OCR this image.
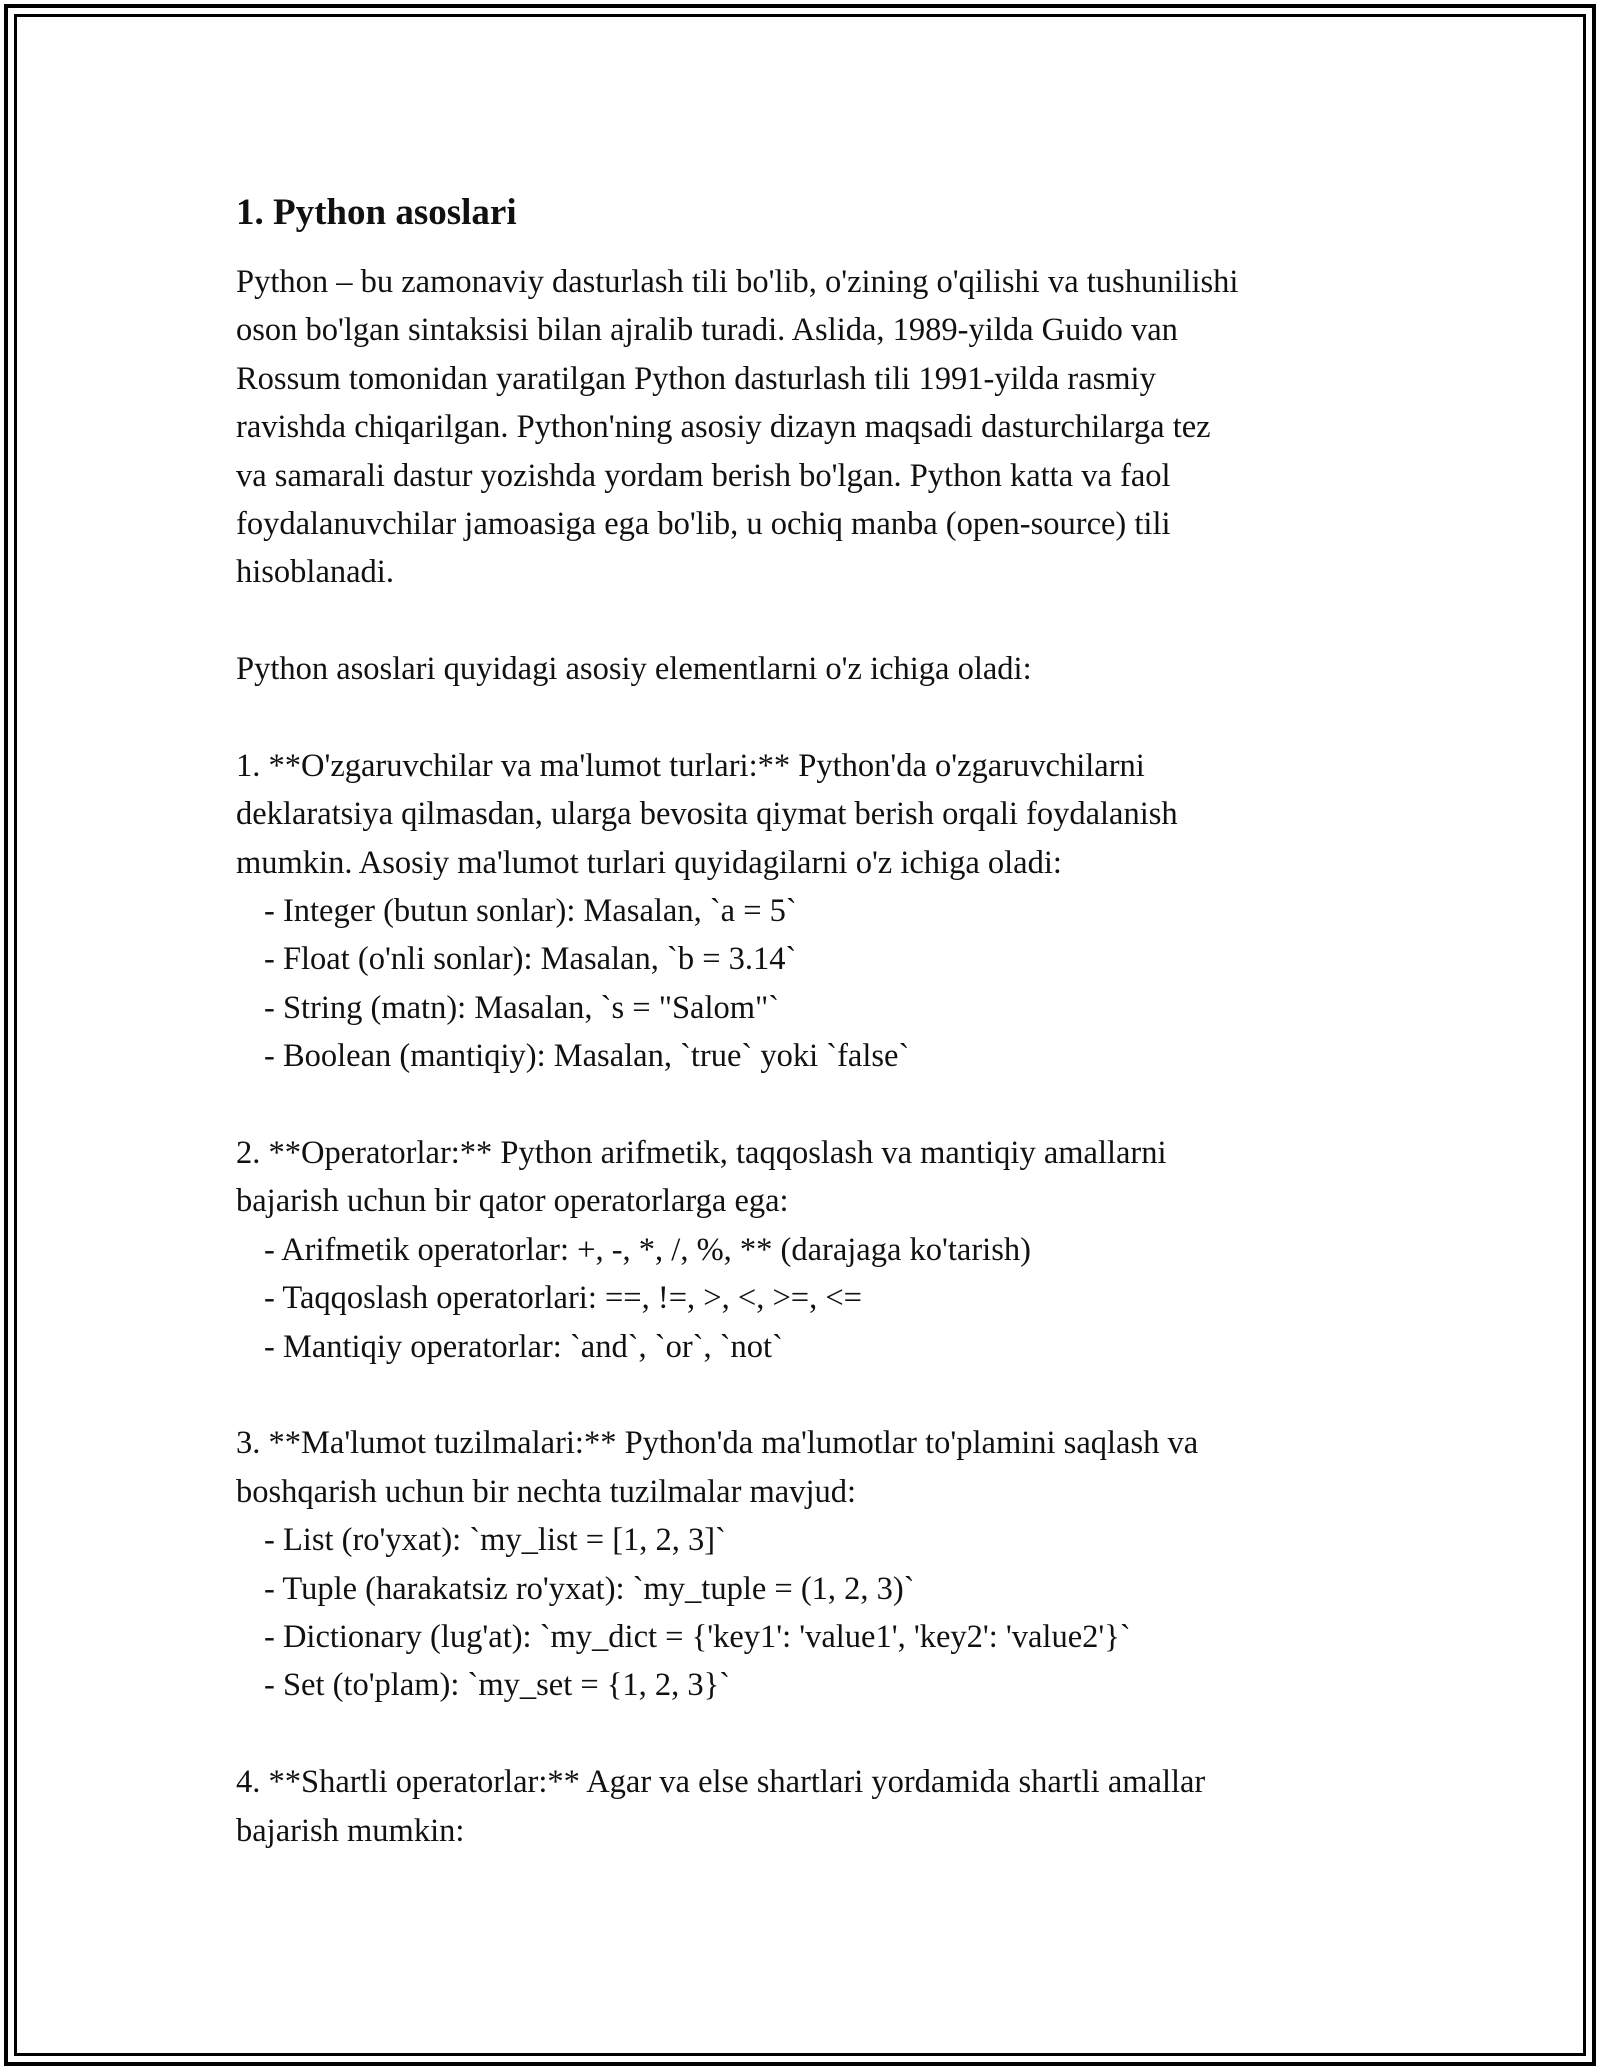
1. Python asoslari
Python – bu zamonaviy dasturlash tili bo'lib, o'zining o'qilishi va tushunilishi
oson bo'lgan sintaksisi bilan ajralib turadi. Aslida, 1989-yilda Guido van
Rossum tomonidan yaratilgan Python dasturlash tili 1991-yilda rasmiy
ravishda chiqarilgan. Python'ning asosiy dizayn maqsadi dasturchilarga tez
va samarali dastur yozishda yordam berish bo'lgan. Python katta va faol
foydalanuvchilar jamoasiga ega bo'lib, u ochiq manba (open-source) tili
hisoblanadi.
Python asoslari quyidagi asosiy elementlarni o'z ichiga oladi:
1. **O'zgaruvchilar va ma'lumot turlari:** Python'da o'zgaruvchilarni
deklaratsiya qilmasdan, ularga bevosita qiymat berish orqali foydalanish
mumkin. Asosiy ma'lumot turlari quyidagilarni o'z ichiga oladi:
- Integer (butun sonlar): Masalan, `a = 5`
- Float (o'nli sonlar): Masalan, `b = 3.14`
- String (matn): Masalan, `s = "Salom"`
- Boolean (mantiqiy): Masalan, `true` yoki `false`
2. **Operatorlar:** Python arifmetik, taqqoslash va mantiqiy amallarni
bajarish uchun bir qator operatorlarga ega:
- Arifmetik operatorlar: +, -, *, /, %, ** (darajaga ko'tarish)
- Taqqoslash operatorlari: ==, !=, >, <, >=, <=
- Mantiqiy operatorlar: `and`, `or`, `not`
3. **Ma'lumot tuzilmalari:** Python'da ma'lumotlar to'plamini saqlash va
boshqarish uchun bir nechta tuzilmalar mavjud:
- List (ro'yxat): `my_list = [1, 2, 3]`
- Tuple (harakatsiz ro'yxat): `my_tuple = (1, 2, 3)`
- Dictionary (lug'at): `my_dict = {'key1': 'value1', 'key2': 'value2'}`
- Set (to'plam): `my_set = {1, 2, 3}`
4. **Shartli operatorlar:** Agar va else shartlari yordamida shartli amallar
bajarish mumkin:
